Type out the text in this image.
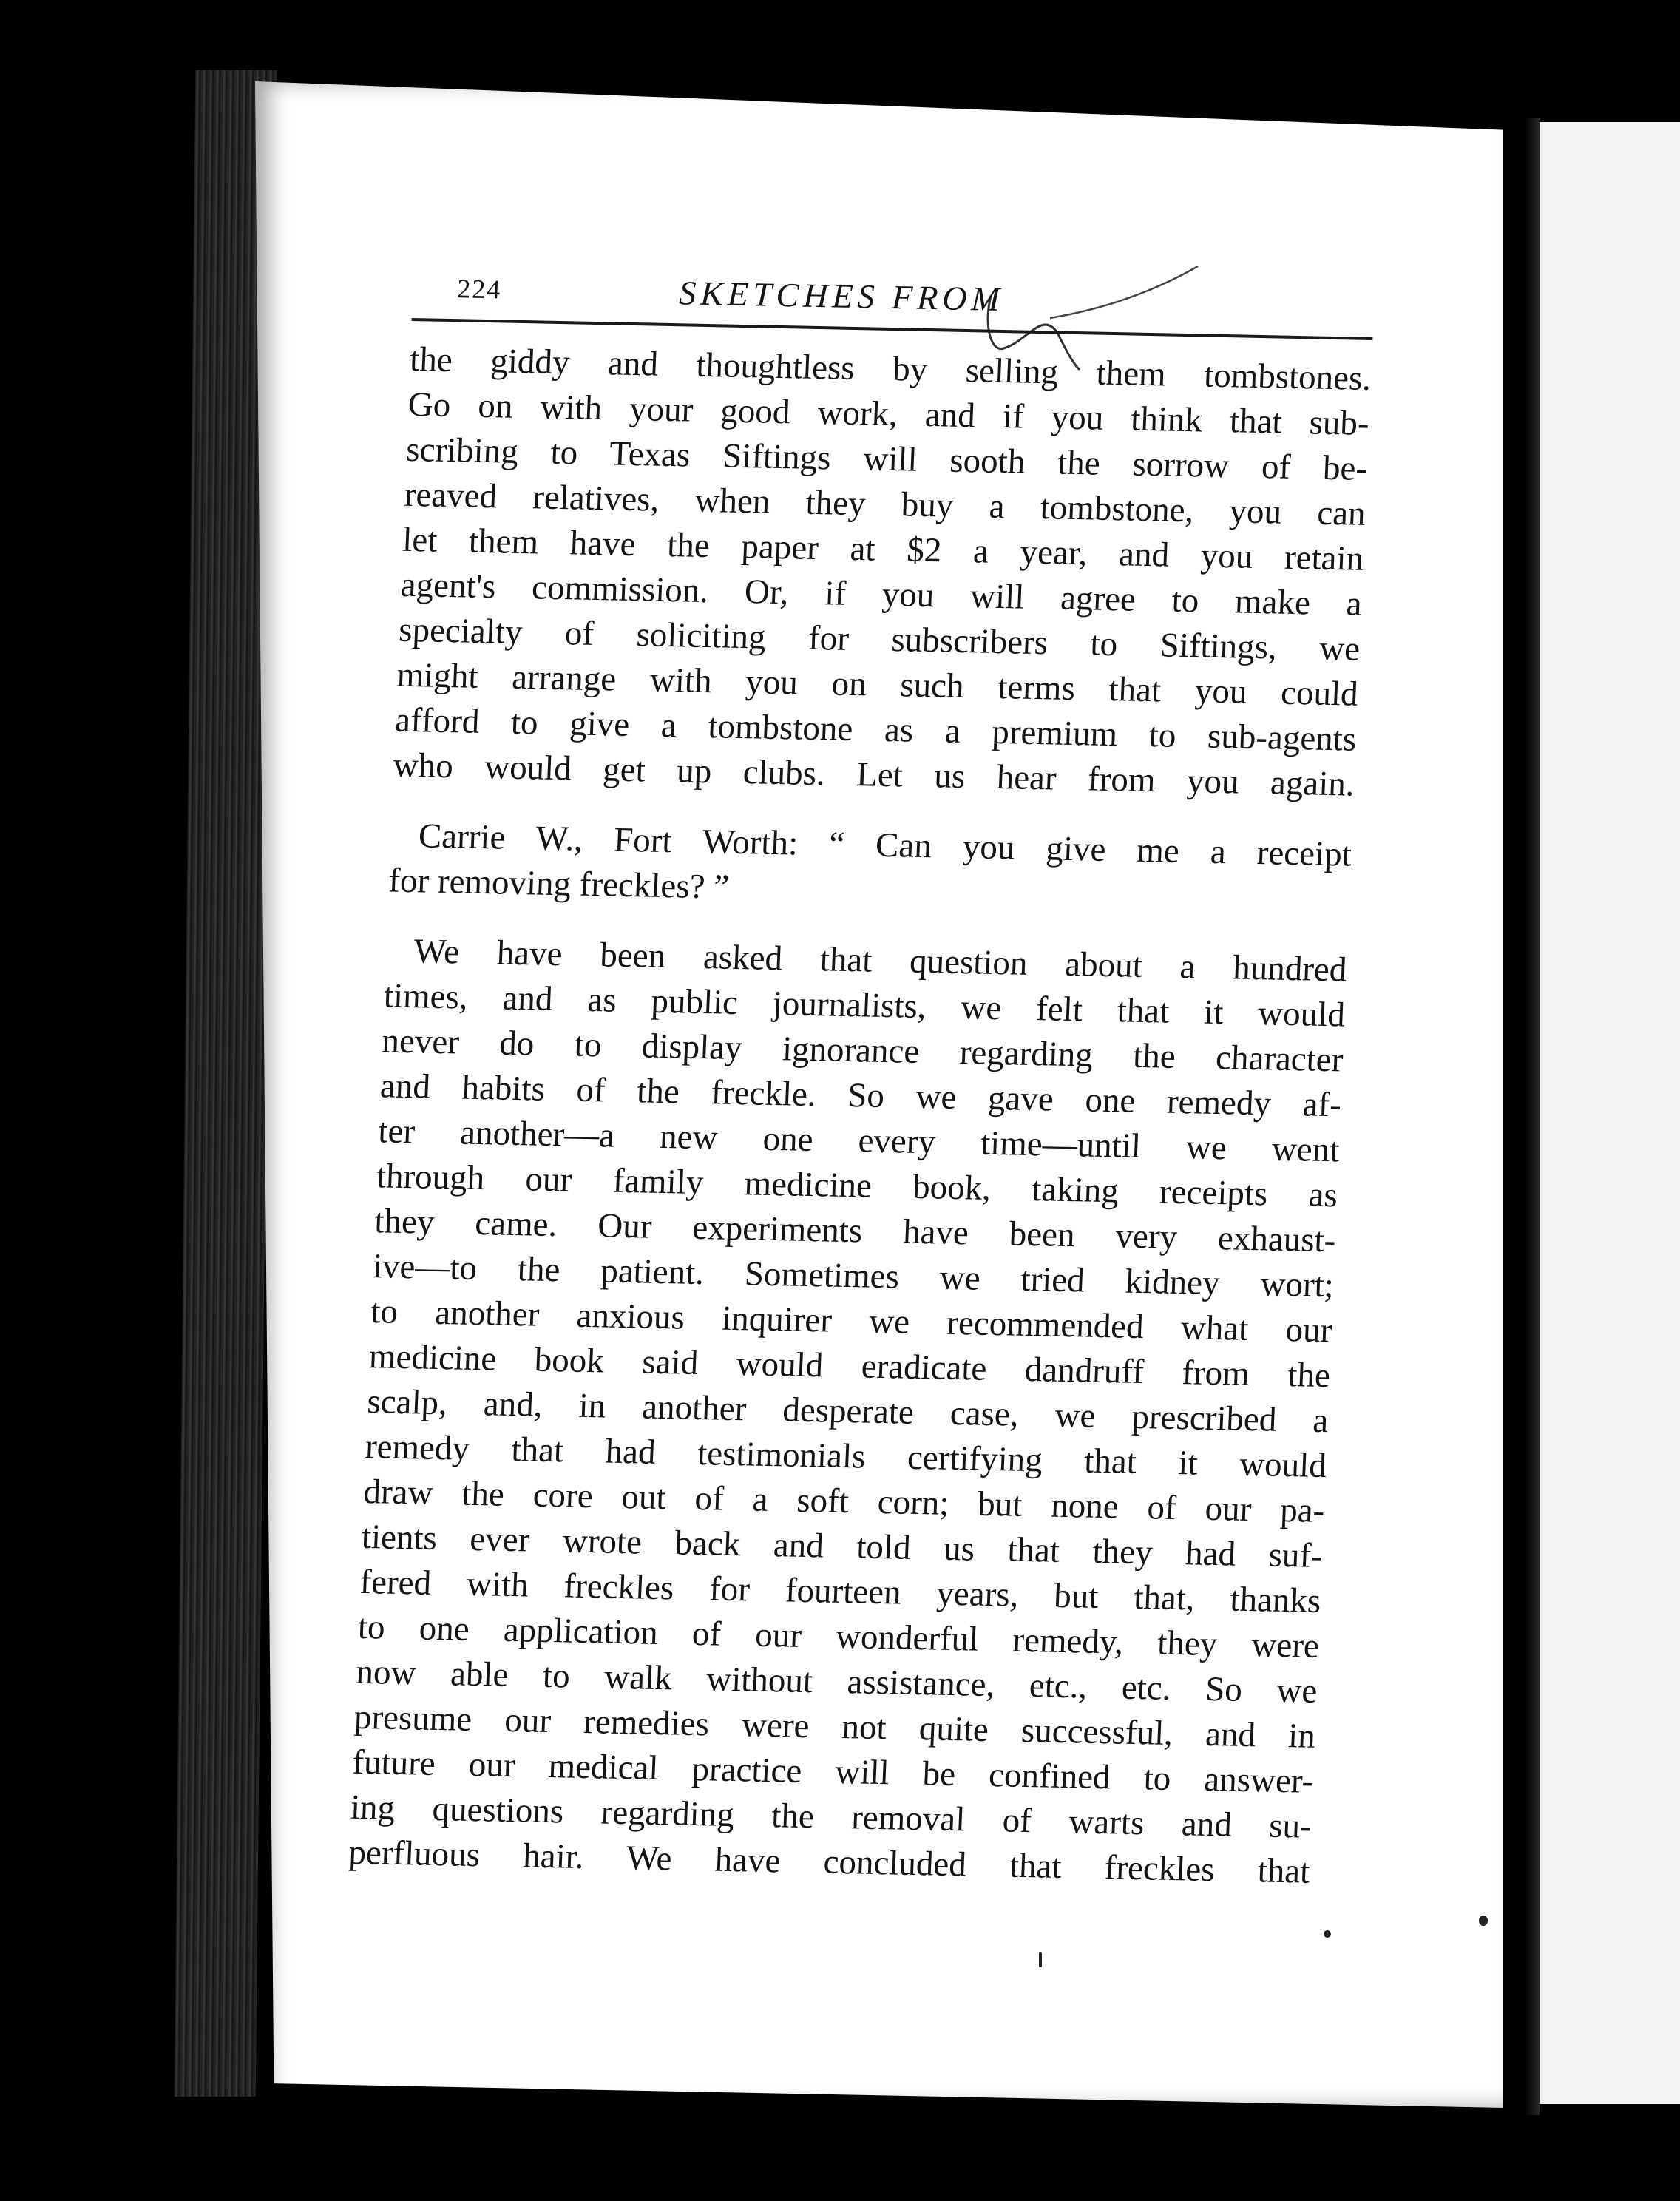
224	SKETCHES FROM

the giddy and thoughtless by selling them tombstones.
Go on with your good work, and if you think that sub-
scribing to Texas Siftings will sooth the sorrow of be-
reaved relatives, when they buy a tombstone, you can
let them have the paper at $2 a year, and you retain
agent's commission. Or, if you will agree to make a
specialty of soliciting for subscribers to Siftings, we
might arrange with you on such terms that you could
afford to give a tombstone as a premium to sub-agents
who would get up clubs. Let us hear from you again.

Carrie W., Fort Worth: “ Can you give me a receipt
for removing freckles? ”

We have been asked that question about a hundred
times, and as public journalists, we felt that it would
never do to display ignorance regarding the character
and habits of the freckle. So we gave one remedy af-
ter another—a new one every time—until we went
through our family medicine book, taking receipts as
they came. Our experiments have been very exhaust-
ive—to the patient. Sometimes we tried kidney wort;
to another anxious inquirer we recommended what our
medicine book said would eradicate dandruff from the
scalp, and, in another desperate case, we prescribed a
remedy that had testimonials certifying that it would
draw the core out of a soft corn; but none of our pa-
tients ever wrote back and told us that they had suf-
fered with freckles for fourteen years, but that, thanks
to one application of our wonderful remedy, they were
now able to walk without assistance, etc., etc. So we
presume our remedies were not quite successful, and in
future our medical practice will be confined to answer-
ing questions regarding the removal of warts and su-
perfluous hair. We have concluded that freckles that
